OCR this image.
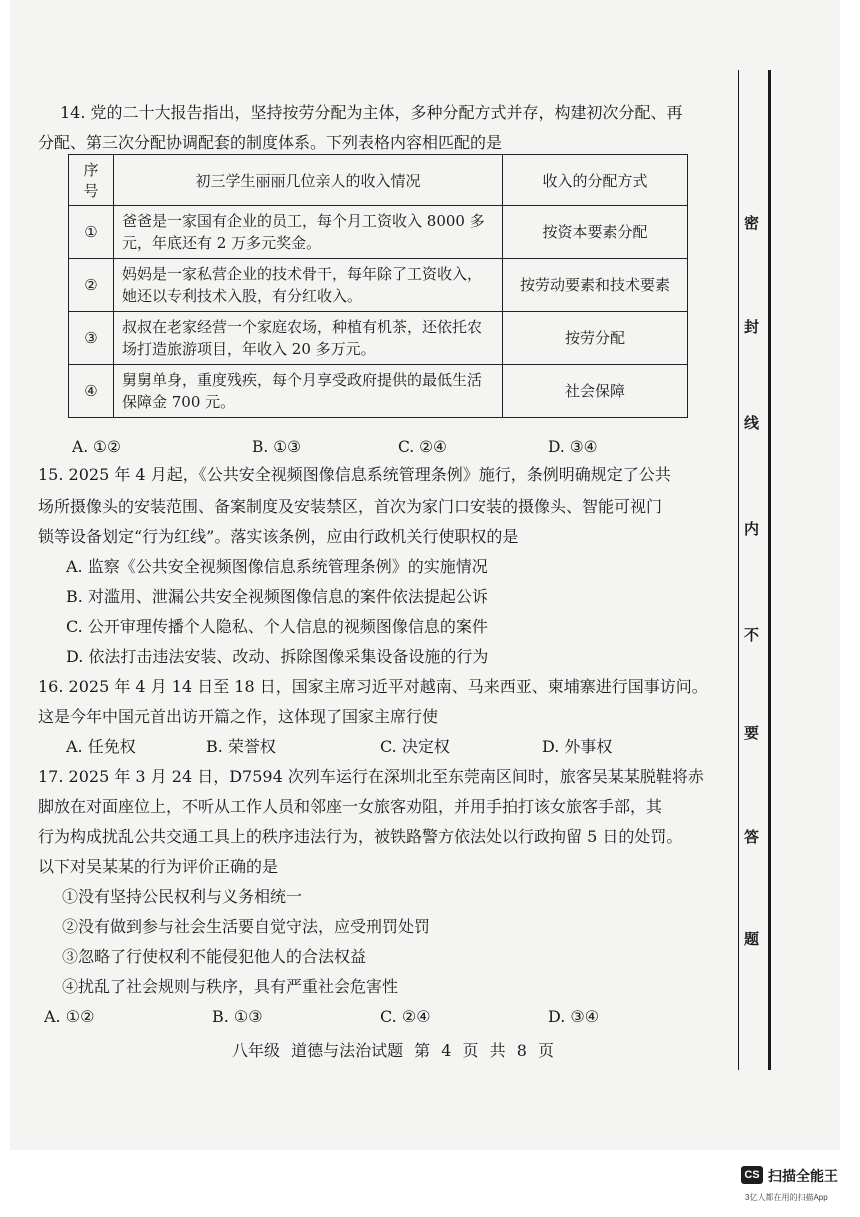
14. 党的二十大报告指出，坚持按劳分配为主体，多种分配方式并存，构建初次分配、再
分配、第三次分配协调配套的制度体系。下列表格内容相匹配的是
序号	初三学生丽丽几位亲人的收入情况	收入的分配方式
①	爸爸是一家国有企业的员工，每个月工资收入 8000 多元，年底还有 2 万多元奖金。	按资本要素分配
②	妈妈是一家私营企业的技术骨干，每年除了工资收入，她还以专利技术入股，有分红收入。	按劳动要素和技术要素
③	叔叔在老家经营一个家庭农场，种植有机茶，还依托农场打造旅游项目，年收入 20 多万元。	按劳分配
④	舅舅单身，重度残疾，每个月享受政府提供的最低生活保障金 700 元。	社会保障
A. ①②	B. ①③	C. ②④	D. ③④
15. 2025 年 4 月起，《公共安全视频图像信息系统管理条例》施行，条例明确规定了公共
场所摄像头的安装范围、备案制度及安装禁区，首次为家门口安装的摄像头、智能可视门
锁等设备划定“行为红线”。落实该条例，应由行政机关行使职权的是
A. 监察《公共安全视频图像信息系统管理条例》的实施情况
B. 对滥用、泄漏公共安全视频图像信息的案件依法提起公诉
C. 公开审理传播个人隐私、个人信息的视频图像信息的案件
D. 依法打击违法安装、改动、拆除图像采集设备设施的行为
16. 2025 年 4 月 14 日至 18 日，国家主席习近平对越南、马来西亚、柬埔寨进行国事访问。
这是今年中国元首出访开篇之作，这体现了国家主席行使
A. 任免权	B. 荣誉权	C. 决定权	D. 外事权
17. 2025 年 3 月 24 日，D7594 次列车运行在深圳北至东莞南区间时，旅客吴某某脱鞋将赤
脚放在对面座位上，不听从工作人员和邻座一女旅客劝阻，并用手拍打该女旅客手部，其
行为构成扰乱公共交通工具上的秩序违法行为，被铁路警方依法处以行政拘留 5 日的处罚。
以下对吴某某的行为评价正确的是
①没有坚持公民权利与义务相统一
②没有做到参与社会生活要自觉守法，应受刑罚处罚
③忽略了行使权利不能侵犯他人的合法权益
④扰乱了社会规则与秩序，具有严重社会危害性
A. ①②	B. ①③	C. ②④	D. ③④
八年级 道德与法治试题 第 4 页 共 8 页
密
封
线
内
不
要
答
题
CS 扫描全能王
3亿人都在用的扫描App
